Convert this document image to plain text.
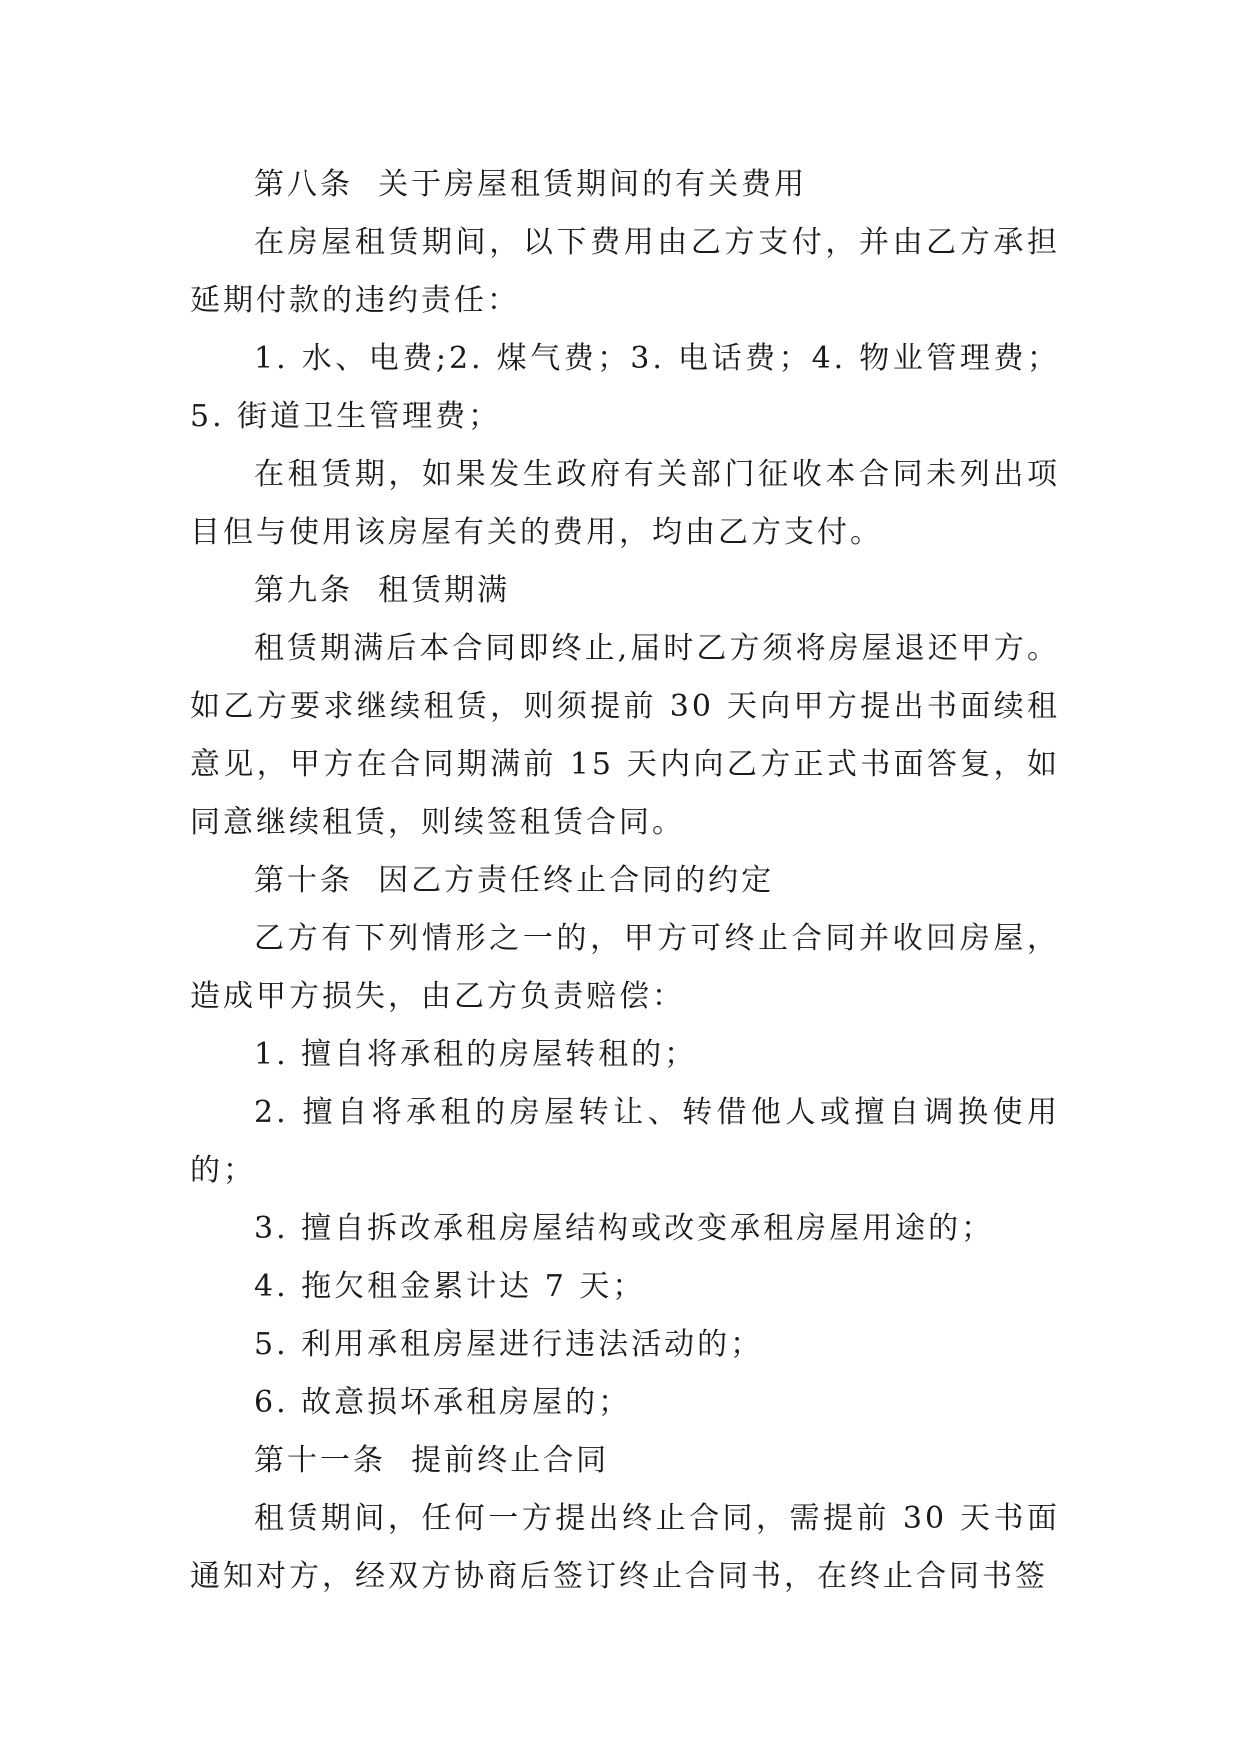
第八条  关于房屋租赁期间的有关费用

在房屋租赁期间，以下费用由乙方支付，并由乙方承担延期付款的违约责任：

1. 水、电费;2. 煤气费；3. 电话费；4. 物业管理费；5. 街道卫生管理费；

在租赁期，如果发生政府有关部门征收本合同未列出项目但与使用该房屋有关的费用，均由乙方支付。

第九条  租赁期满

租赁期满后本合同即终止,届时乙方须将房屋退还甲方。如乙方要求继续租赁，则须提前 30 天向甲方提出书面续租意见，甲方在合同期满前 15 天内向乙方正式书面答复，如同意继续租赁，则续签租赁合同。

第十条  因乙方责任终止合同的约定

乙方有下列情形之一的，甲方可终止合同并收回房屋，造成甲方损失，由乙方负责赔偿：

1. 擅自将承租的房屋转租的；

2. 擅自将承租的房屋转让、转借他人或擅自调换使用的；

3. 擅自拆改承租房屋结构或改变承租房屋用途的；

4. 拖欠租金累计达 7 天；

5. 利用承租房屋进行违法活动的；

6. 故意损坏承租房屋的；

第十一条  提前终止合同

租赁期间，任何一方提出终止合同，需提前 30 天书面通知对方，经双方协商后签订终止合同书，在终止合同书签
